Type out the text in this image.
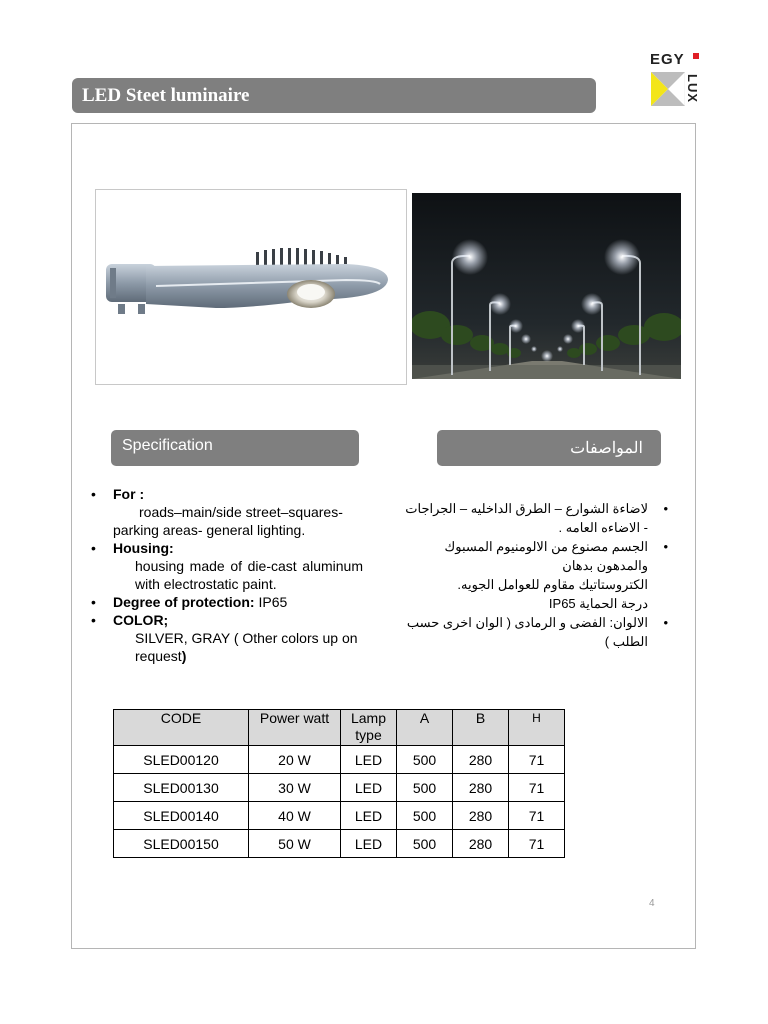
EGY
LUX
LED Steet luminaire
Specification	المواصفات
• For :
roads–main/side street–squares-parking areas- general lighting.
• Housing:
housing made of die-cast aluminum with electrostatic paint.
• Degree of protection: IP65
• COLOR;
SILVER, GRAY ( Other colors up on request)
•
لاضاءة الشوارع – الطرق الداخليه – الجراجات - الاضاءه العامه .
•
الجسم مصنوع من الالومنيوم المسبوك والمدهون بدهان
الكتروستاتيك مقاوم للعوامل الجويه.
درجة الحماية IP65
•
الالوان: الفضى و الرمادى ( الوان اخرى حسب الطلب )
CODE	Power watt	Lamp type	A	B	H
SLED00120	20 W	LED	500	280	71
SLED00130	30 W	LED	500	280	71
SLED00140	40 W	LED	500	280	71
SLED00150	50 W	LED	500	280	71
4
